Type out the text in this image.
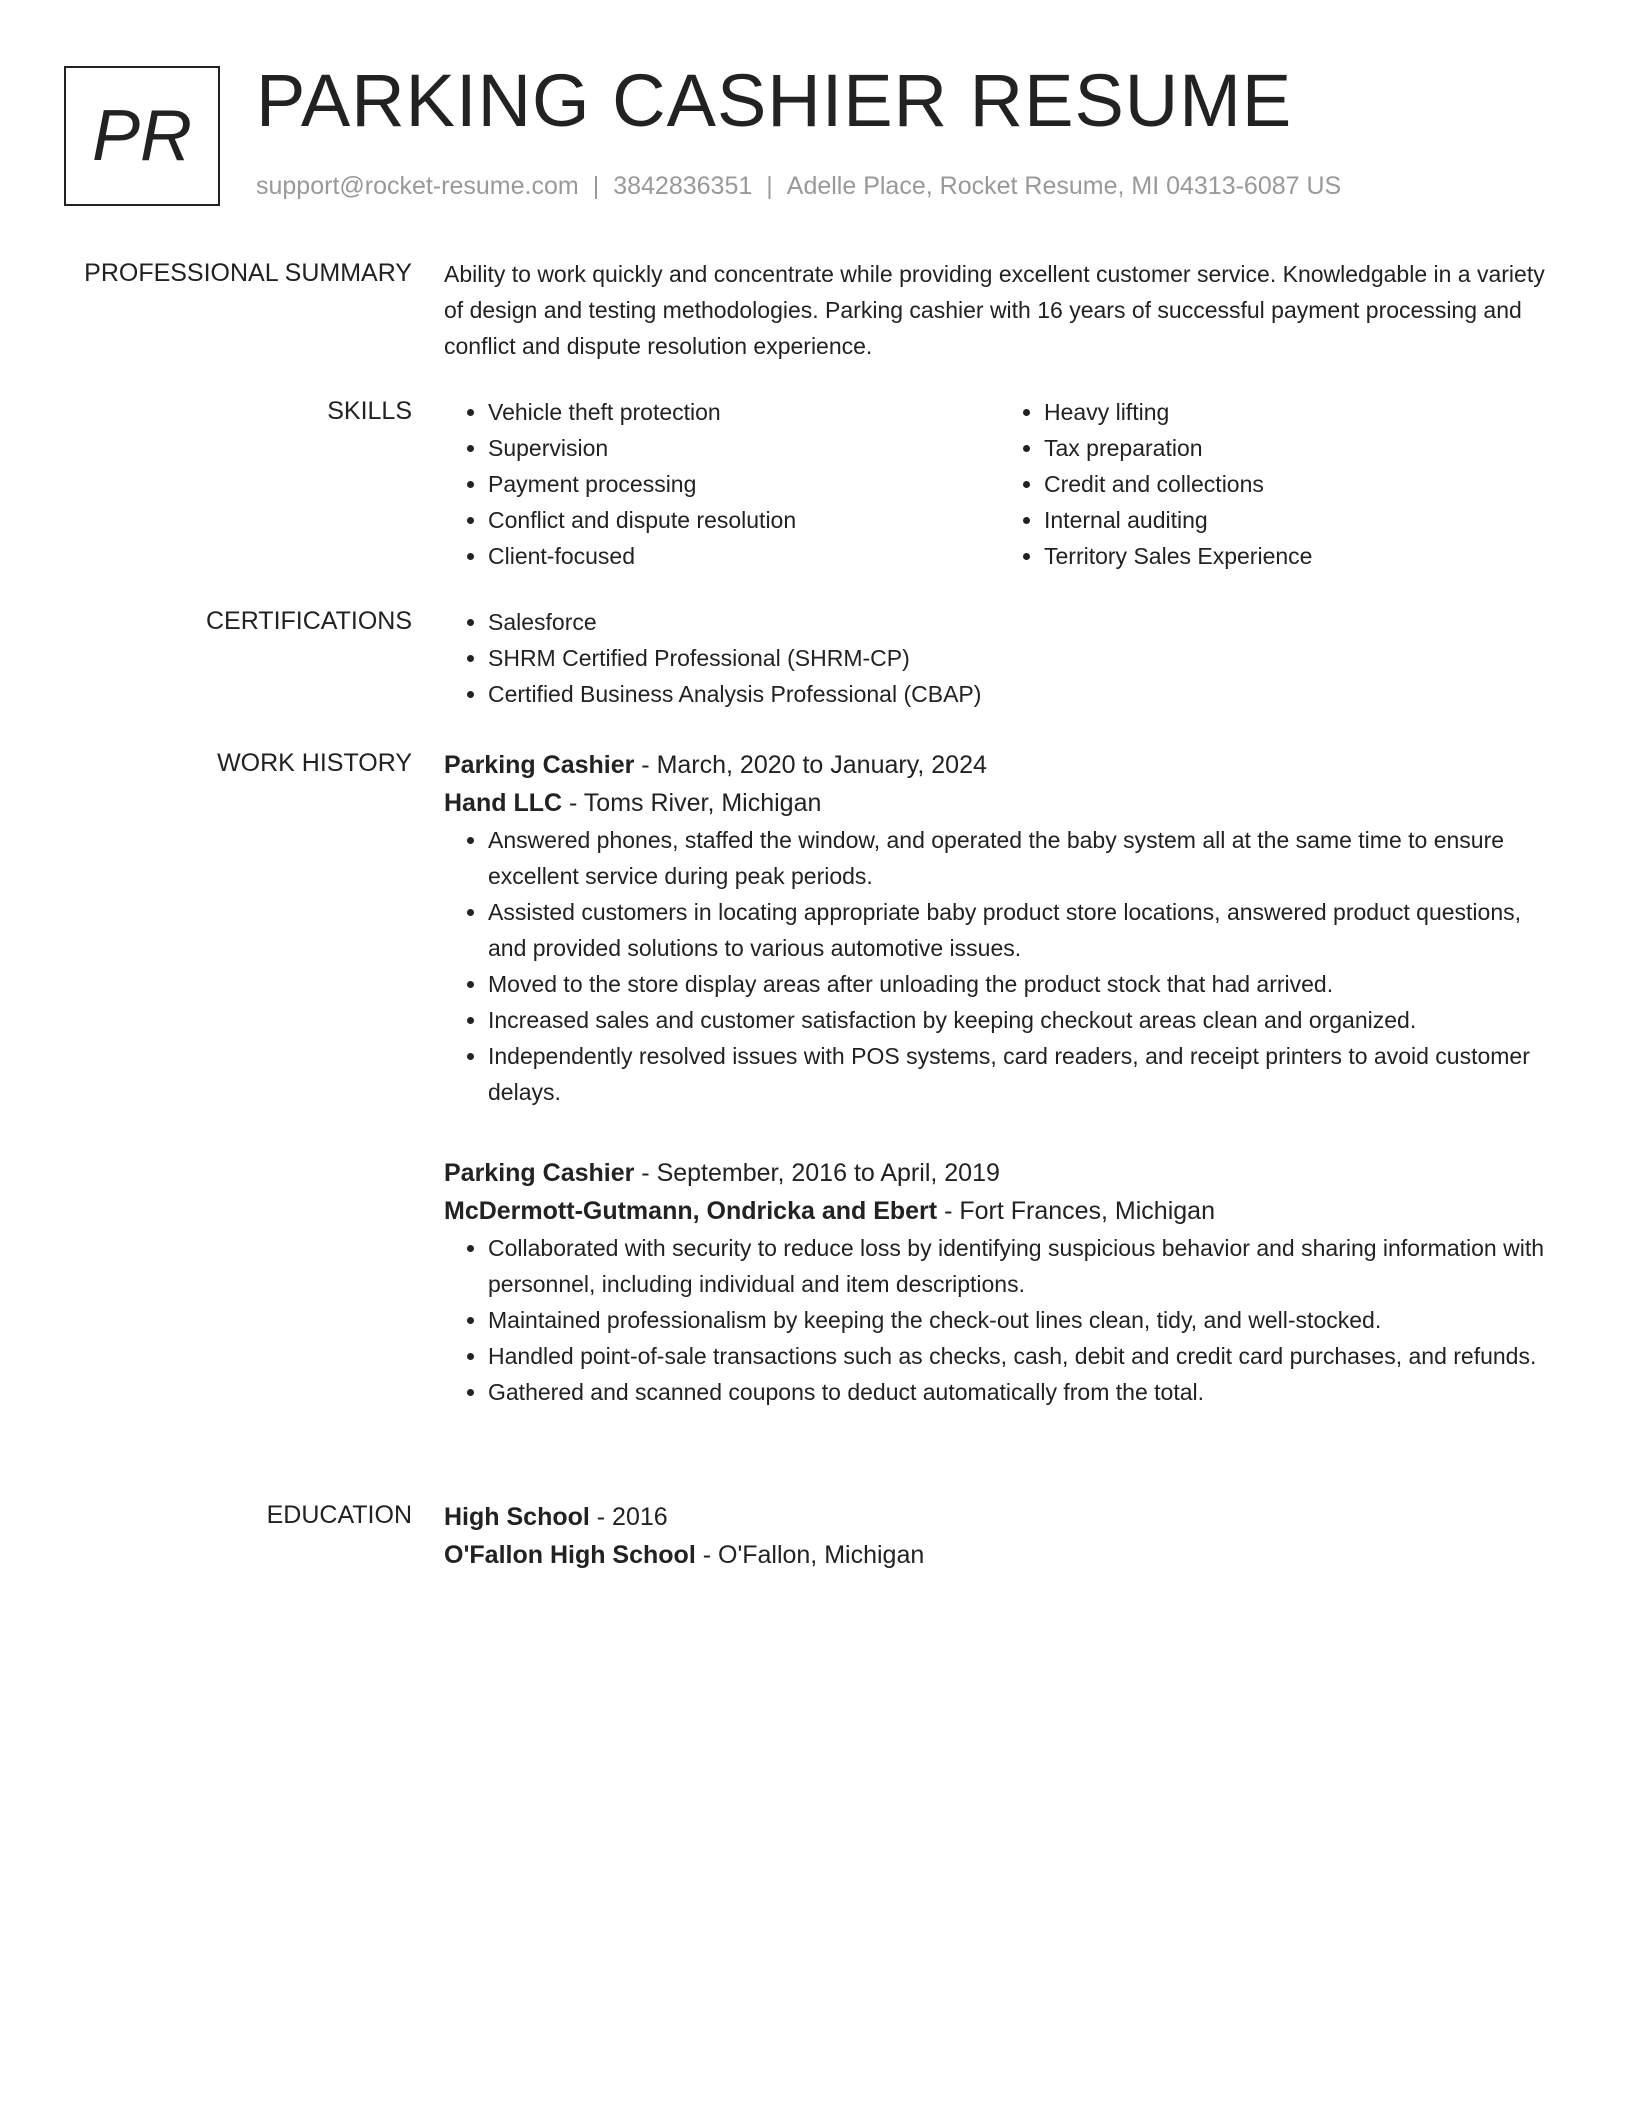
PR PARKING CASHIER RESUME
support@rocket-resume.com | 3842836351 | Adelle Place, Rocket Resume, MI 04313-6087 US
PROFESSIONAL SUMMARY Ability to work quickly and concentrate while providing excellent customer service. Knowledgable in a variety of design and testing methodologies. Parking cashier with 16 years of successful payment processing and conflict and dispute resolution experience.

SKILLS	• Vehicle theft protection
• Supervision
• Payment processing
• Conflict and dispute resolution
• Client-focused
• Heavy lifting
• Tax preparation
• Credit and collections
• Internal auditing
• Territory Sales Experience
CERTIFICATIONS	• Salesforce
• SHRM Certified Professional (SHRM-CP)
• Certified Business Analysis Professional (CBAP)
WORK HISTORY Parking Cashier - March, 2020 to January, 2024
Hand LLC - Toms River, Michigan
• Answered phones, staffed the window, and operated the baby system all at the same time to ensure excellent service during peak periods.
• Assisted customers in locating appropriate baby product store locations, answered product questions, and provided solutions to various automotive issues.
• Moved to the store display areas after unloading the product stock that had arrived.
• Increased sales and customer satisfaction by keeping checkout areas clean and organized.
• Independently resolved issues with POS systems, card readers, and receipt printers to avoid customer delays.
Parking Cashier - September, 2016 to April, 2019
McDermott-Gutmann, Ondricka and Ebert - Fort Frances, Michigan
• Collaborated with security to reduce loss by identifying suspicious behavior and sharing information with personnel, including individual and item descriptions.
• Maintained professionalism by keeping the check-out lines clean, tidy, and well-stocked.
• Handled point-of-sale transactions such as checks, cash, debit and credit card purchases, and refunds.
• Gathered and scanned coupons to deduct automatically from the total.
EDUCATION High School - 2016
O'Fallon High School - O'Fallon, Michigan
